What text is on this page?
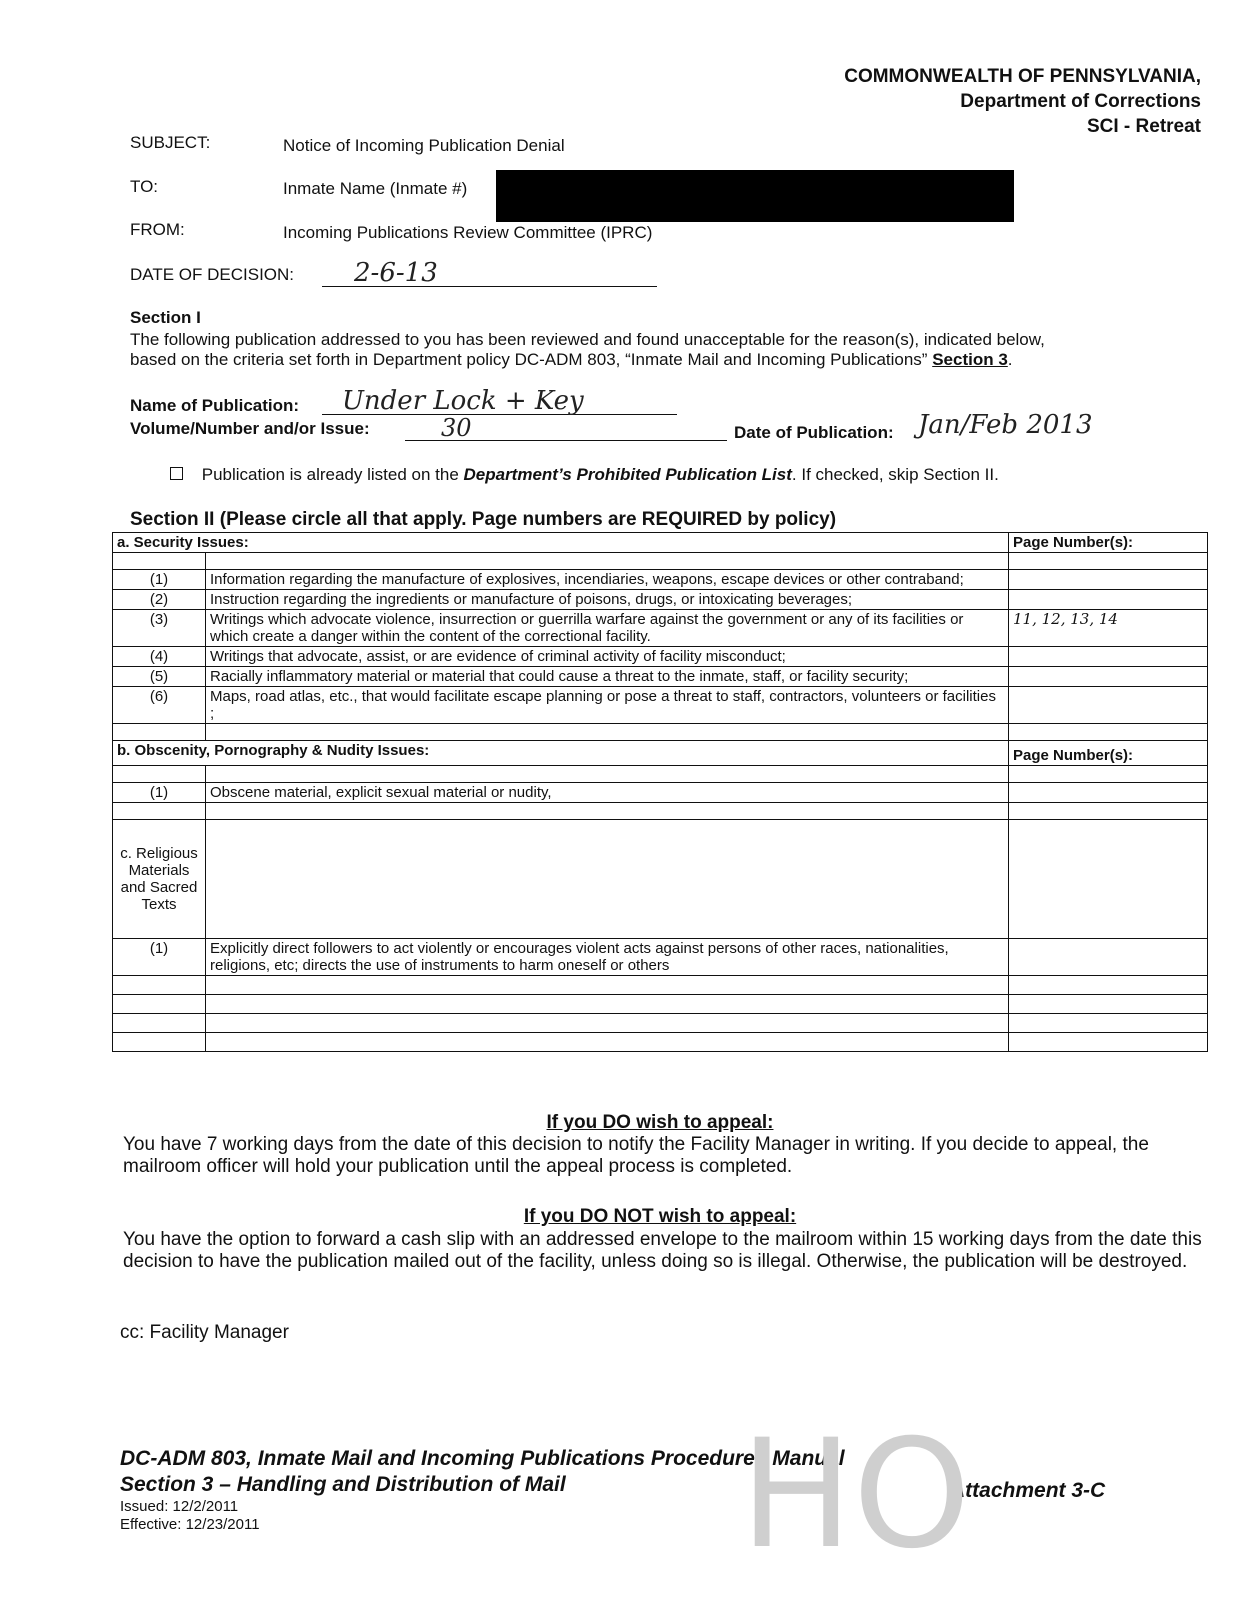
COMMONWEALTH OF PENNSYLVANIA,
Department of Corrections
SCI - Retreat
SUBJECT:	Notice of Incoming Publication Denial
TO:	Inmate Name (Inmate #)
FROM:	Incoming Publications Review Committee (IPRC)
DATE OF DECISION:	2-6-13
Section I
The following publication addressed to you has been reviewed and found unacceptable for the reason(s), indicated below,
based on the criteria set forth in Department policy DC-ADM 803, “Inmate Mail and Incoming Publications” Section 3.
Name of Publication:	Under Lock + Key
Volume/Number and/or Issue:	30	Date of Publication: Jan/Feb 2013
Publication is already listed on the Department’s Prohibited Publication List. If checked, skip Section II.
Section II (Please circle all that apply. Page numbers are REQUIRED by policy)
a. Security Issues:		Page Number(s):

(1)	Information regarding the manufacture of explosives, incendiaries, weapons, escape devices or other contraband;	
(2)	Instruction regarding the ingredients or manufacture of poisons, drugs, or intoxicating beverages;	
(3)	Writings which advocate violence, insurrection or guerrilla warfare against the government or any of its facilities or which create a danger within the content of the correctional facility.	11, 12, 13, 14
(4)	Writings that advocate, assist, or are evidence of criminal activity of facility misconduct;	
(5)	Racially inflammatory material or material that could cause a threat to the inmate, staff, or facility security;	
(6)	Maps, road atlas, etc., that would facilitate escape planning or pose a threat to staff, contractors, volunteers or facilities ;	

b. Obscenity, Pornography & Nudity Issues:		Page Number(s):

(1)	Obscene material, explicit sexual material or nudity,	

c. Religious Materials and Sacred Texts		
(1)	Explicitly direct followers to act violently or encourages violent acts against persons of other races, nationalities, religions, etc; directs the use of instruments to harm oneself or others	

If you DO wish to appeal:
You have 7 working days from the date of this decision to notify the Facility Manager in writing. If you decide to appeal, the mailroom officer will hold your publication until the appeal process is completed.
If you DO NOT wish to appeal:
You have the option to forward a cash slip with an addressed envelope to the mailroom within 15 working days from the date this decision to have the publication mailed out of the facility, unless doing so is illegal. Otherwise, the publication will be destroyed.
cc: Facility Manager
DC-ADM 803, Inmate Mail and Incoming Publications Procedures Manual
Section 3 – Handling and Distribution of Mail
Issued: 12/2/2011
Effective: 12/23/2011
Attachment 3-C
HO
